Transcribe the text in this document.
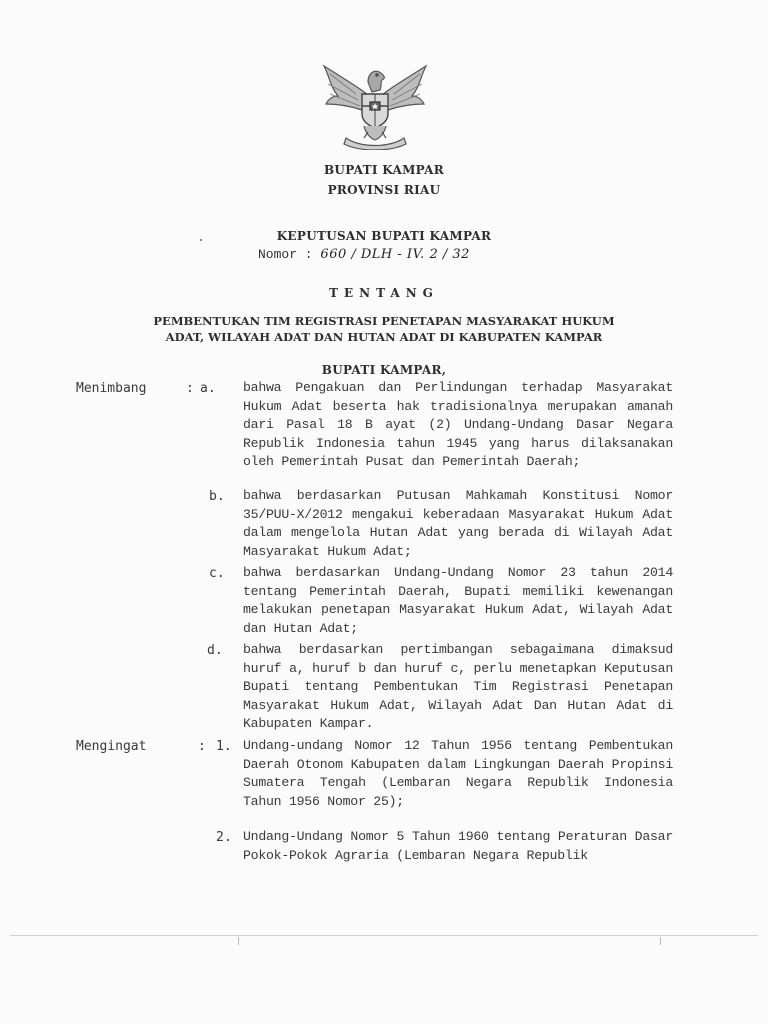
BUPATI KAMPAR
PROVINSI RIAU
KEPUTUSAN BUPATI KAMPAR
Nomor : 660 / DLH - IV. 2 / 32
TENTANG
PEMBENTUKAN TIM REGISTRASI PENETAPAN MASYARAKAT HUKUM
ADAT, WILAYAH ADAT DAN HUTAN ADAT DI KABUPATEN KAMPAR
BUPATI KAMPAR,
Menimbang	: a. bahwa Pengakuan dan Perlindungan terhadap Masyarakat Hukum Adat beserta hak tradisionalnya merupakan amanah dari Pasal 18 B ayat (2) Undang-Undang Dasar Negara Republik Indonesia tahun 1945 yang harus dilaksanakan oleh Pemerintah Pusat dan Pemerintah Daerah;
b. bahwa berdasarkan Putusan Mahkamah Konstitusi Nomor 35/PUU-X/2012 mengakui keberadaan Masyarakat Hukum Adat dalam mengelola Hutan Adat yang berada di Wilayah Adat Masyarakat Hukum Adat;
c. bahwa berdasarkan Undang-Undang Nomor 23 tahun 2014 tentang Pemerintah Daerah, Bupati memiliki kewenangan melakukan penetapan Masyarakat Hukum Adat, Wilayah Adat dan Hutan Adat;
d. bahwa berdasarkan pertimbangan sebagaimana dimaksud huruf a, huruf b dan huruf c, perlu menetapkan Keputusan Bupati tentang Pembentukan Tim Registrasi Penetapan Masyarakat Hukum Adat, Wilayah Adat Dan Hutan Adat di Kabupaten Kampar.
Mengingat	: 1. Undang-undang Nomor 12 Tahun 1956 tentang Pembentukan Daerah Otonom Kabupaten dalam Lingkungan Daerah Propinsi Sumatera Tengah (Lembaran Negara Republik Indonesia Tahun 1956 Nomor 25);
2. Undang-Undang Nomor 5 Tahun 1960 tentang Peraturan Dasar Pokok-Pokok Agraria (Lembaran Negara Republik
